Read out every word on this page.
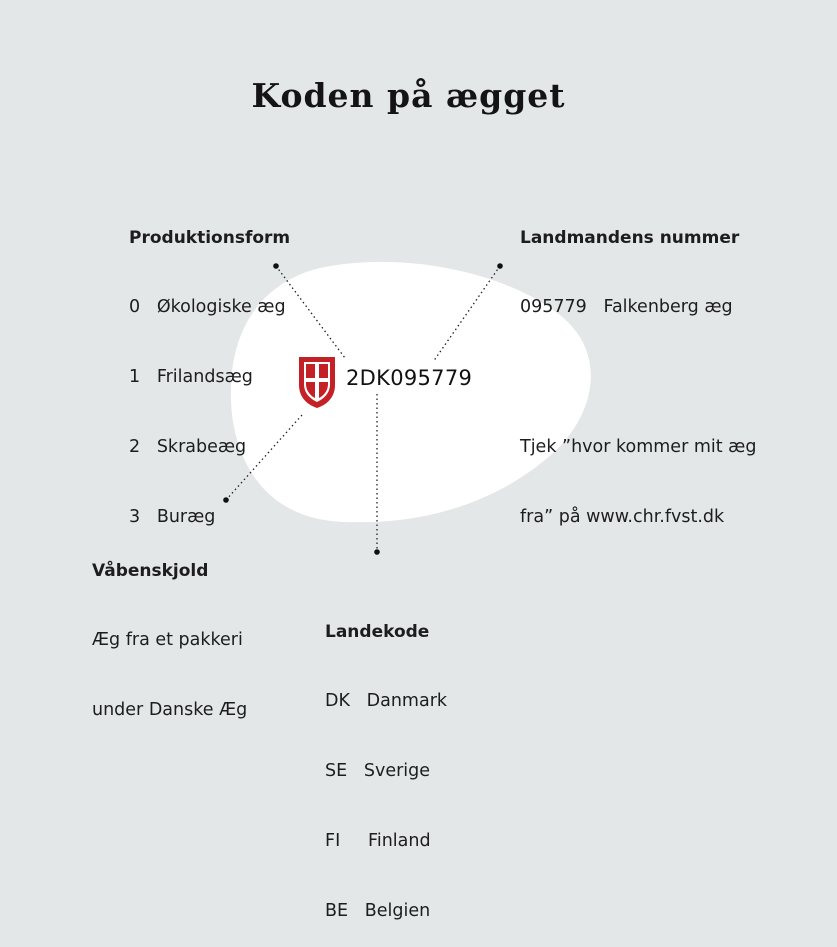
Koden på ægget
2DK095779

Produktionsform

0   Økologiske æg

1   Frilandsæg

2   Skrabeæg

3   Buræg

Landmandens nummer

095779   Falkenberg æg

Tjek ”hvor kommer mit æg

fra” på www.chr.fvst.dk

Våbenskjold

Æg fra et pakkeri

under Danske Æg

Landekode

DK   Danmark

SE   Sverige

FI     Finland

BE   Belgien
